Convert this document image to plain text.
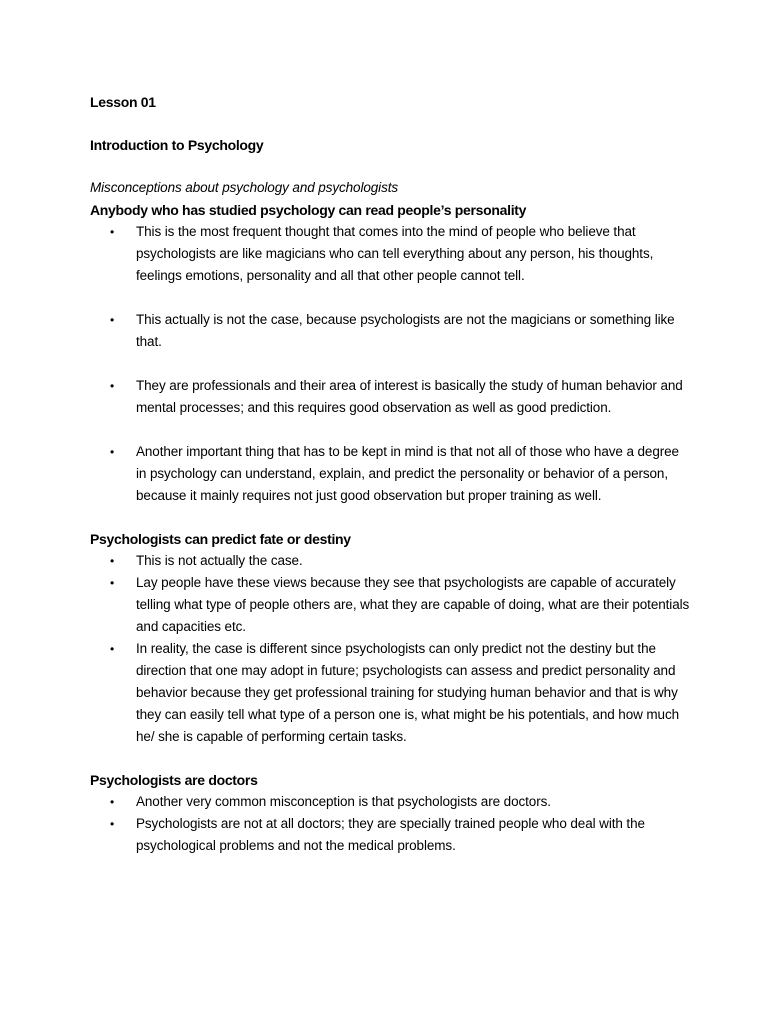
Lesson 01

Introduction to Psychology

Misconceptions about psychology and psychologists

Anybody who has studied psychology can read people’s personality

• This is the most frequent thought that comes into the mind of people who believe that psychologists are like magicians who can tell everything about any person, his thoughts, feelings emotions, personality and all that other people cannot tell.
• This actually is not the case, because psychologists are not the magicians or something like that.
• They are professionals and their area of interest is basically the study of human behavior and mental processes; and this requires good observation as well as good prediction.
• Another important thing that has to be kept in mind is that not all of those who have a degree in psychology can understand, explain, and predict the personality or behavior of a person, because it mainly requires not just good observation but proper training as well.

Psychologists can predict fate or destiny

• This is not actually the case.
• Lay people have these views because they see that psychologists are capable of accurately telling what type of people others are, what they are capable of doing, what are their potentials and capacities etc.
• In reality, the case is different since psychologists can only predict not the destiny but the direction that one may adopt in future; psychologists can assess and predict personality and behavior because they get professional training for studying human behavior and that is why they can easily tell what type of a person one is, what might be his potentials, and how much he/ she is capable of performing certain tasks.

Psychologists are doctors

• Another very common misconception is that psychologists are doctors.
• Psychologists are not at all doctors; they are specially trained people who deal with the psychological problems and not the medical problems.
